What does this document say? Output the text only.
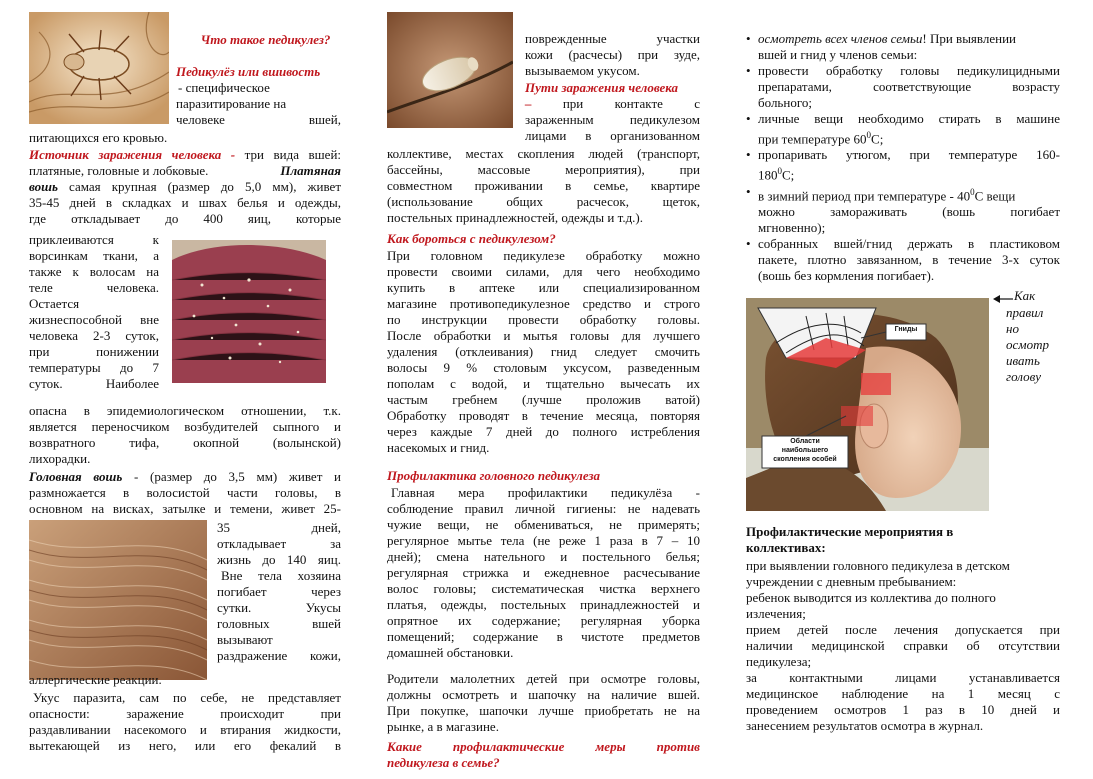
Что такое педикулез?
Педикулёз или вшивость
- специфическое
паразитирование на
человеке вшей,
питающихся его кровью.
Источник заражения человека - три вида вшей:
платяные, головные и лобковые.	Платяная
вошь самая крупная (размер до 5,0 мм), живет
35-45 дней в складках и швах белья и одежды,
где откладывает до 400 яиц, которые
приклеиваются к
ворсинкам ткани, а
также к волосам на
теле человека.
Остается
жизнеспособной вне
человека 2-3 суток,
при понижении
температуры до 7
суток. Наиболее
опасна в эпидемиологическом отношении, т.к.
является переносчиком возбудителей сыпного и
возвратного тифа, окопной (волынской)
лихорадки.
Головная вошь - (размер до 3,5 мм) живет и
размножается в волосистой части головы, в
основном на висках, затылке и темени, живет 25-
35 дней,
откладывает за
жизнь до 140 яиц.
Вне тела хозяина
погибает через
сутки. Укусы
головных вшей
вызывают
раздражение кожи,
аллергические реакции.
Укус паразита, сам по себе, не представляет
опасности: заражение происходит при
раздавливании насекомого и втирания жидкости,
вытекающей из него, или его фекалий в
поврежденные участки
кожи (расчесы) при зуде,
вызываемом укусом.
Пути заражения человека
– при контакте с
зараженным педикулезом
лицами в организованном
коллективе, местах скопления людей (транспорт,
бассейны, массовые мероприятия), при
совместном проживании в семье, квартире
(использование общих расчесок, щеток,
постельных принадлежностей, одежды и т.д.).
Как бороться с педикулезом?
При головном педикулезе обработку можно
провести своими силами, для чего необходимо
купить в аптеке или специализированном
магазине противопедикулезное средство и строго
по инструкции провести обработку головы.
После обработки и мытья головы для лучшего
удаления (отклеивания) гнид следует смочить
волосы 9 % столовым уксусом, разведенным
пополам с водой, и тщательно вычесать их
частым гребнем (лучше проложив ватой)
Обработку проводят в течение месяца, повторяя
через каждые 7 дней до полного истребления
насекомых и гнид.
Профилактика головного педикулеза
Главная мера профилактики педикулёза -
соблюдение правил личной гигиены: не надевать
чужие вещи, не обмениваться, не примерять;
регулярное мытье тела (не реже 1 раза в 7 – 10
дней); смена нательного и постельного белья;
регулярная стрижка и ежедневное расчесывание
волос головы; систематическая чистка верхнего
платья, одежды, постельных принадлежностей и
опрятное их содержание; регулярная уборка
помещений; содержание в чистоте предметов
домашней обстановки.
Родители малолетних детей при осмотре головы,
должны осмотреть и шапочку на наличие вшей.
При покупке, шапочки лучше приобретать не на
рынке, а в магазине.
Какие профилактические меры против
педикулеза в семье?
• осмотреть всех членов семьи! При выявлении
вшей и гнид у членов семьи:
• провести обработку головы педикулицидными
препаратами, соответствующие возрасту
больного;
• личные вещи необходимо стирать в машине
при температуре $60^0С$;
• пропаривать утюгом, при температуре 160-
$180^0С$;
• в зимний период при температуре - $40^0С$ вещи
можно замораживать (вошь погибает
мгновенно);
• собранных вшей/гнид держать в пластиковом
пакете, плотно завязанном, в течение 3-х суток
(вошь без кормления погибает).
Гниды
Области
наибольшего
скопления особей
Как
правил
но
осмотр
ивать
голову
Профилактические мероприятия в
коллективах:
при выявлении головного педикулеза в детском
учреждении с дневным пребыванием:
ребенок выводится из коллектива до полного
излечения;
прием детей после лечения допускается при
наличии медицинской справки об отсутствии
педикулеза;
за контактными лицами устанавливается
медицинское наблюдение на 1 месяц с
проведением осмотров 1 раз в 10 дней и
занесением результатов осмотра в журнал.
